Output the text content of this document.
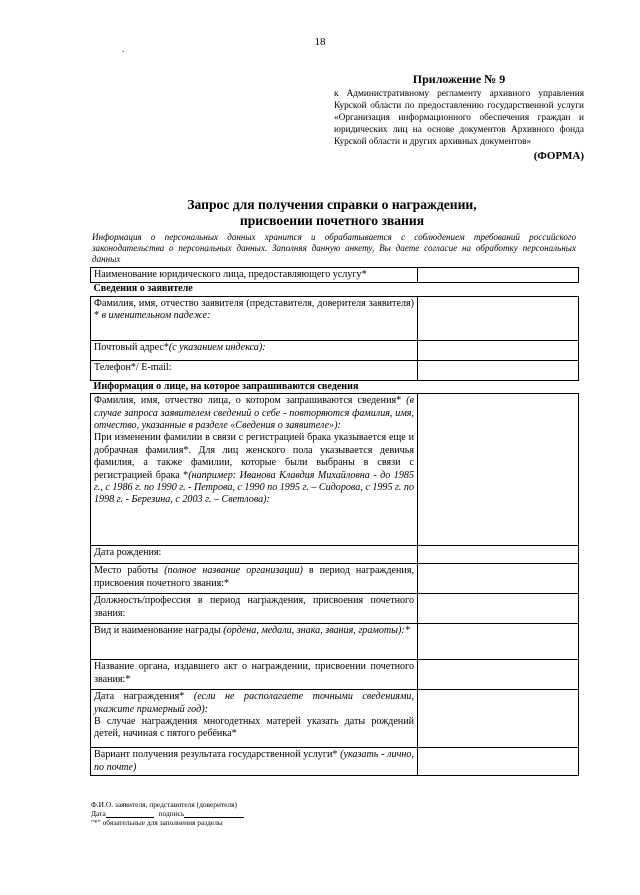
18
.
Приложение № 9
к Административному регламенту архивного управления Курской области по предоставлению государственной услуги «Организация информационного обеспечения граждан и юридических лиц на основе документов Архивного фонда Курской области и других архивных документов»
(ФОРМА)
Запрос для получения справки о награждении,
присвоении почетного звания
Информация о персональных данных хранится и обрабатывается с соблюдением требований российского законодательства о персональных данных. Заполняя данную анкету, Вы даете согласие на обработку персональных данных
Наименование юридического лица, предоставляющего услугу*	
Сведения о заявителе	
Фамилия, имя, отчество заявителя (представителя, доверителя заявителя) * в именительном падеже:	
Почтовый адрес*(с указанием индекса):	
Телефон*/ E-mail:	
Информация о лице, на которое запрашиваются сведения	

Фамилия, имя, отчество лица, о котором запрашиваются сведения* (в случае запроса заявителем сведений о себе - повторяются фамилия, имя, отчество, указанные в разделе «Сведения о заявителе»):
При изменении фамилии в связи с регистрацией брака указывается еще и добрачная фамилия*. Для лиц женского пола указывается девичья фамилия, а также фамилии, которые были выбраны в связи с регистрацией брака *(например: Иванова Клавдия Михайловна - до 1985 г., с 1986 г. по 1990 г. - Петрова, с 1990 по 1995 г. – Сидорова, с 1995 г. по 1998 г. - Березина, с 2003 г. – Светлова):	

Дата рождения:	
Место работы (полное название организации) в период награждения, присвоения почетного звания:*	
Должность/профессия в период награждения, присвоения почетного звания:	
Вид и наименование награды (ордена, медали, знака, звания, грамоты):*	
Название органа, издавшего акт о награждении, присвоении почетного звания:*	

Дата награждения* (если не располагаете точными сведениями, укажите примерный год):
В случае награждения многодетных матерей указать даты рождений детей, начиная с пятого ребёнка*	

Вариант получения результата государственной услуги* (указать - лично, по почте)	
Ф.И.О. заявителя, представителя (доверителя)
Дата	подпись
"*" обязательные для заполнения разделы
